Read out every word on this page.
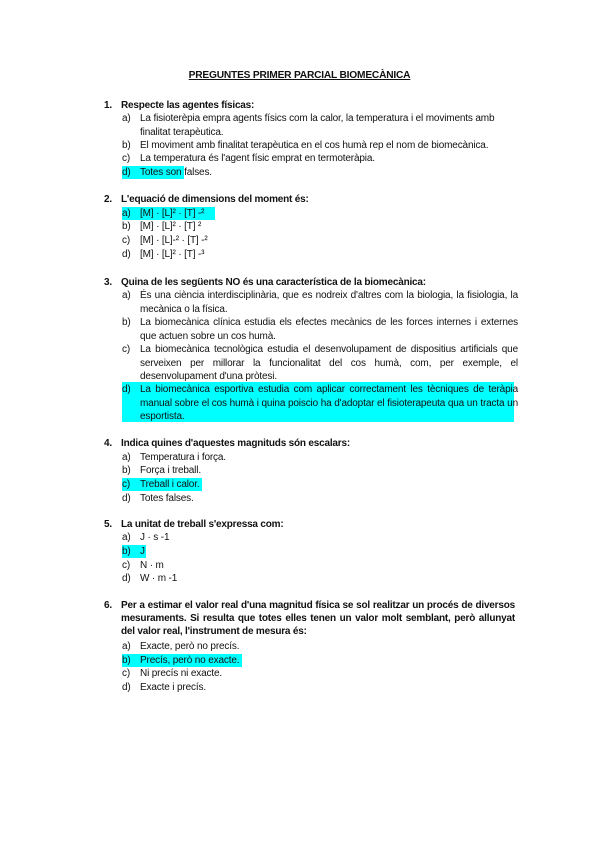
PREGUNTES PRIMER PARCIAL BIOMECÀNICA
1. Respecte las agentes físicas:
a) La fisioterèpia empra agents físics com la calor, la temperatura i el moviments amb finalitat terapèutica.
b) El moviment amb finalitat terapèutica en el cos humà rep el nom de biomecànica.
c) La temperatura és l'agent físic emprat en termoteràpia.
d) Totes son falses.
2. L'equació de dimensions del moment és:
a) [M] · [L]² · [T] -²
b) [M] · [L]² · [T] ²
c) [M] · [L]-² · [T] -²
d) [M] · [L]² · [T] -³
3. Quina de les següents NO és una característica de la biomecànica:
a) És una ciència interdisciplinària, que es nodreix d'altres com la biologia, la fisiologia, la mecànica o la física.
b) La biomecànica clínica estudia els efectes mecànics de les forces internes i externes que actuen sobre un cos humà.
c) La biomecànica tecnològica estudia el desenvolupament de dispositius artificials que serveixen per millorar la funcionalitat del cos humà, com, per exemple, el desenvolupament d'una pròtesi.
d) La biomecànica esportiva estudia com aplicar correctament les tècniques de teràpia manual sobre el cos humà i quina poiscio ha d'adoptar el fisioterapeuta qua un tracta un esportista.
4. Indica quines d'aquestes magnituds són escalars:
a) Temperatura i força.
b) Força i treball.
c) Treball i calor.
d) Totes falses.
5. La unitat de treball s'expressa com:
a) J · s -1
b) J
c) N · m
d) W · m -1
6. Per a estimar el valor real d'una magnitud física se sol realitzar un procés de diversos mesuraments. Si resulta que totes elles tenen un valor molt semblant, però allunyat del valor real, l'instrument de mesura és:
a) Exacte, però no precís.
b) Precís, però no exacte.
c) Ni precís ni exacte.
d) Exacte i precís.
